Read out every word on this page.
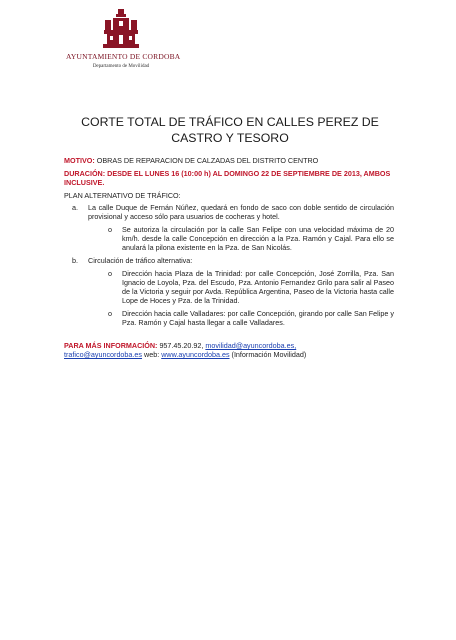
AYUNTAMIENTO DE CORDOBA
Departamento de Movilidad
CORTE TOTAL DE TRÁFICO EN CALLES PEREZ DE CASTRO Y TESORO

MOTIVO: OBRAS DE REPARACION DE CALZADAS DEL DISTRITO CENTRO

DURACIÓN: DESDE EL LUNES 16 (10:00 h) AL DOMINGO 22 DE SEPTIEMBRE DE 2013, AMBOS INCLUSIVE.

PLAN ALTERNATIVO DE TRÁFICO:

a.	La calle Duque de Fernán Núñez, quedará en fondo de saco con doble sentido de circulación provisional y acceso sólo para usuarios de cocheras y hotel.
o	Se autoriza la circulación por la calle San Felipe con una velocidad máxima de 20 km/h. desde la calle Concepción en dirección a la Pza. Ramón y Cajal. Para ello se anulará la pilona existente en la Pza. de San Nicolás.
b.	Circulación de tráfico alternativa:
o	Dirección hacia Plaza de la Trinidad: por calle Concepción, José Zorrilla, Pza. San Ignacio de Loyola, Pza. del Escudo, Pza. Antonio Fernandez Grilo para salir al Paseo de la Victoria y seguir por Avda. República Argentina, Paseo de la Victoria hasta calle Lope de Hoces y Pza. de la Trinidad.
o	Dirección hacia calle Valladares: por calle Concepción, girando por calle San Felipe y Pza. Ramón y Cajal hasta llegar a calle Valladares.

PARA MÁS INFORMACIÓN: 957.45.20.92, movilidad@ayuncordoba.es,
trafico@ayuncordoba.es web: www.ayuncordoba.es (Información Movilidad)
